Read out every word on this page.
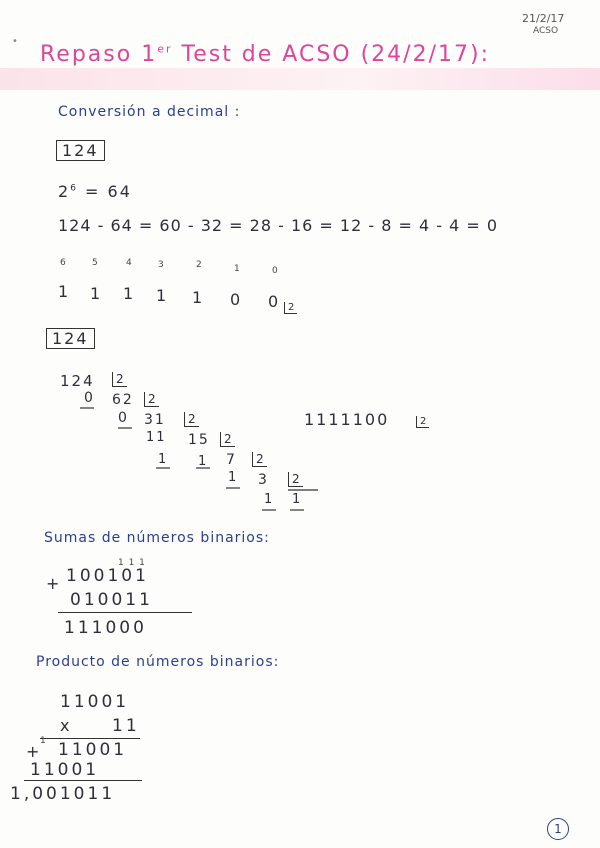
21/2/17
ACSO
•
Repaso 1er Test de ACSO (24/2/17):
Conversión a decimal :
124
$2^6 = 64$
124 - 64 = 60 - 32 = 28 - 16 = 12 - 8 = 4 - 4 = 0
6	5	4	3	2	1	0
1 1 1 1 1 0 0 2
124
124	2
0 62	2
0 31	2
11 15	2
1	7	2
1
3	2
1
1
1
1111100	2
Sumas de números binarios:
1 1 1
+ 100101
010011
111000
Producto de números binarios:
11001
x 11
+
1 11001
11001
1,001011
1
